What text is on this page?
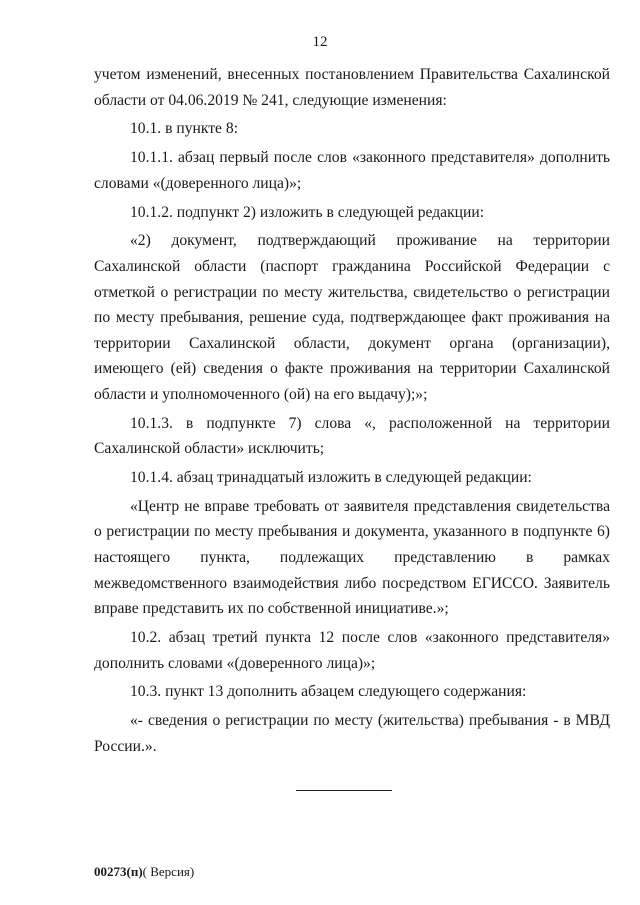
12

учетом изменений, внесенных постановлением Правительства Сахалинской области от 04.06.2019 № 241, следующие изменения:

10.1. в пункте 8:

10.1.1. абзац первый после слов «законного представителя» дополнить словами «(доверенного лица)»;

10.1.2. подпункт 2) изложить в следующей редакции:

«2) документ, подтверждающий проживание на территории Сахалинской области (паспорт гражданина Российской Федерации с отметкой о регистрации по месту жительства, свидетельство о регистрации по месту пребывания, решение суда, подтверждающее факт проживания на территории Сахалинской области, документ органа (организации), имеющего (ей) сведения о факте проживания на территории Сахалинской области и уполномоченного (ой) на его выдачу);»;

10.1.3. в подпункте 7) слова «, расположенной на территории Сахалинской области» исключить;

10.1.4. абзац тринадцатый изложить в следующей редакции:

«Центр не вправе требовать от заявителя представления свидетельства о регистрации по месту пребывания и документа, указанного в подпункте 6) настоящего пункта, подлежащих представлению в рамках межведомственного взаимодействия либо посредством ЕГИССО. Заявитель вправе представить их по собственной инициативе.»;

10.2. абзац третий пункта 12 после слов «законного представителя» дополнить словами «(доверенного лица)»;

10.3. пункт 13 дополнить абзацем следующего содержания:

«- сведения о регистрации по месту (жительства) пребывания - в МВД России.».

00273(п)( Версия)
